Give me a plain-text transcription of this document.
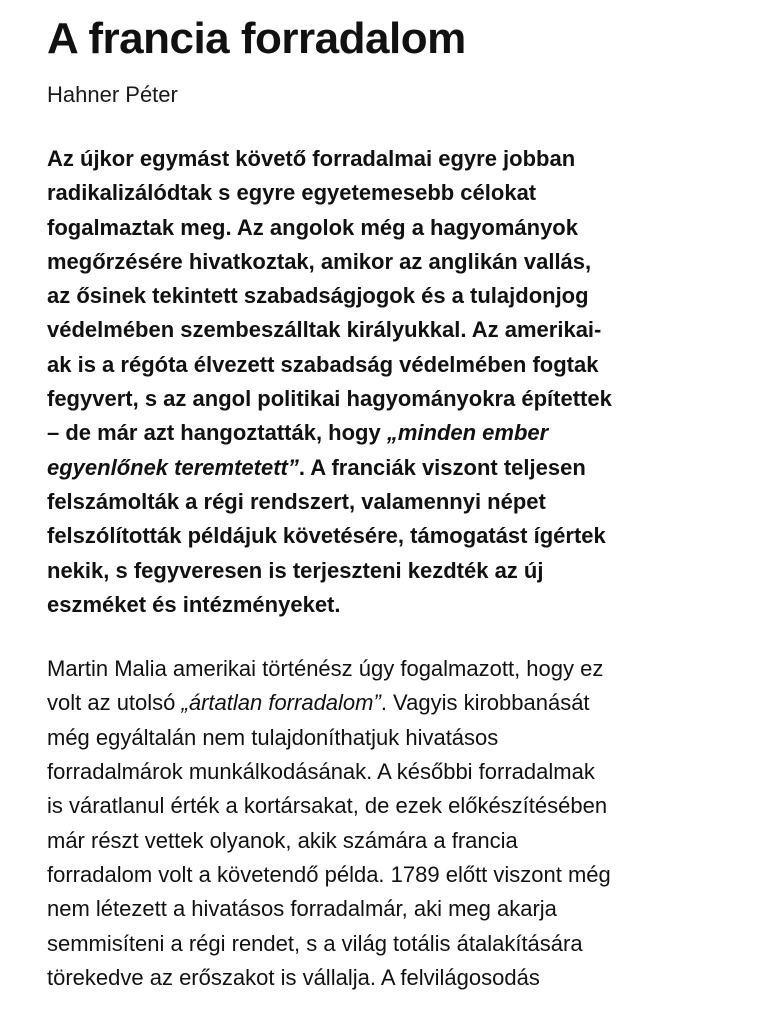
A francia forradalom

Hahner Péter

Az újkor egymást követő forradalmai egyre jobban
radikalizálódtak s egyre egyetemesebb célokat
fogalmaztak meg. Az angolok még a hagyományok
megőrzésére hivatkoztak, amikor az anglikán vallás,
az ősinek tekintett szabadságjogok és a tulajdonjog
védelmében szembeszálltak királyukkal. Az amerikai-
ak is a régóta élvezett szabadság védelmében fogtak
fegyvert, s az angol politikai hagyományokra építettek
– de már azt hangoztatták, hogy „minden ember
egyenlőnek teremtetett”. A franciák viszont teljesen
felszámolták a régi rendszert, valamennyi népet
felszólították példájuk követésére, támogatást ígértek
nekik, s fegyveresen is terjeszteni kezdték az új
eszméket és intézményeket.

Martin Malia amerikai történész úgy fogalmazott, hogy ez
volt az utolsó „ártatlan forradalom”. Vagyis kirobbanását
még egyáltalán nem tulajdoníthatjuk hivatásos
forradalmárok munkálkodásának. A későbbi forradalmak
is váratlanul érték a kortársakat, de ezek előkészítésében
már részt vettek olyanok, akik számára a francia
forradalom volt a követendő példa. 1789 előtt viszont még
nem létezett a hivatásos forradalmár, aki meg akarja
semmisíteni a régi rendet, s a világ totális átalakítására
törekedve az erőszakot is vállalja. A felvilágosodás
